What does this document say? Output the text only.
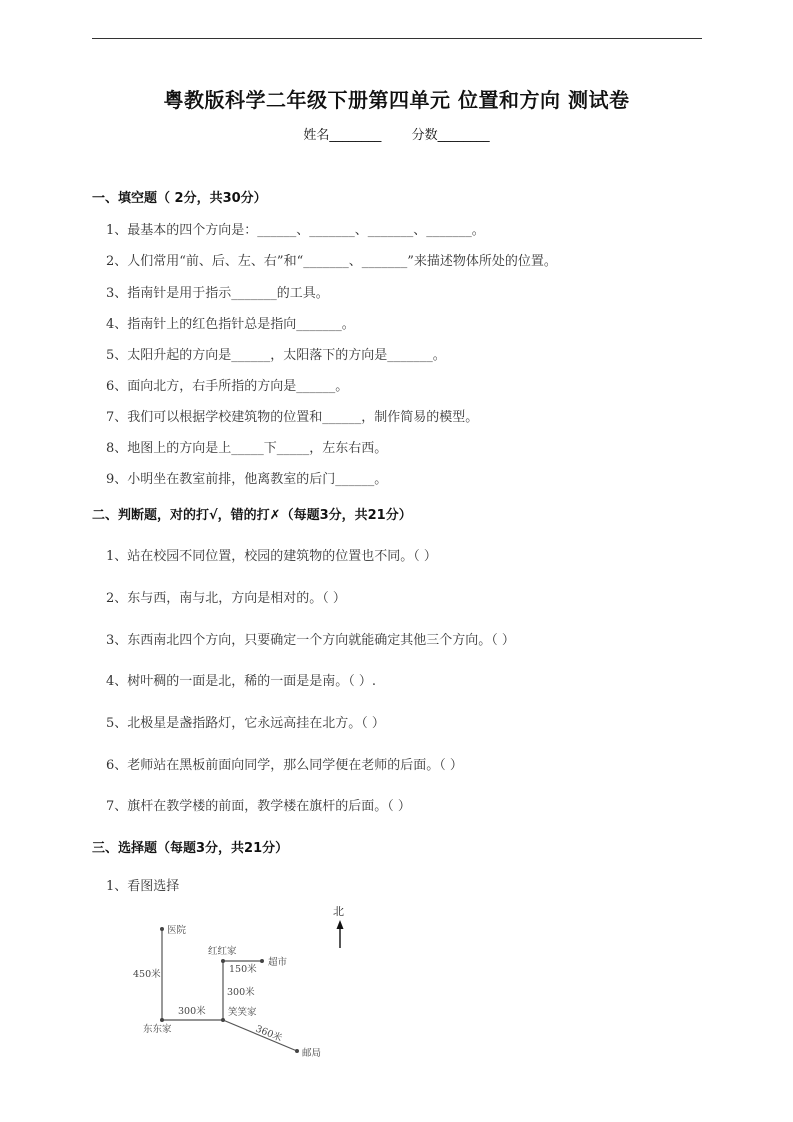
粤教版科学二年级下册第四单元 位置和方向 测试卷
姓名________ 分数________
一、填空题（ 2分，共30分）
1、最基本的四个方向是：______、_______、_______、_______。
2、人们常用“前、后、左、右”和“_______、_______”来描述物体所处的位置。
3、指南针是用于指示_______的工具。
4、指南针上的红色指针总是指向_______。
5、太阳升起的方向是______，太阳落下的方向是_______。
6、面向北方，右手所指的方向是______。
7、我们可以根据学校建筑物的位置和______，制作简易的模型。
8、地图上的方向是上_____下_____，左东右西。
9、小明坐在教室前排，他离教室的后门______。
二、判断题，对的打√，错的打✗（每题3分，共21分）
1、站在校园不同位置，校园的建筑物的位置也不同。（ ）
2、东与西，南与北，方向是相对的。（ ）
3、东西南北四个方向，只要确定一个方向就能确定其他三个方向。（ ）
4、树叶稠的一面是北，稀的一面是是南。（ ）.
5、北极星是盏指路灯，它永远高挂在北方。（ ）
6、老师站在黑板前面向同学，那么同学便在老师的后面。（ ）
7、旗杆在教学楼的前面，教学楼在旗杆的后面。（ ）
三、选择题（每题3分，共21分）
1、看图选择
北
医院
东东家
笑笑家
红红家
超市
邮局
450米
300米
300米
150米
360米
